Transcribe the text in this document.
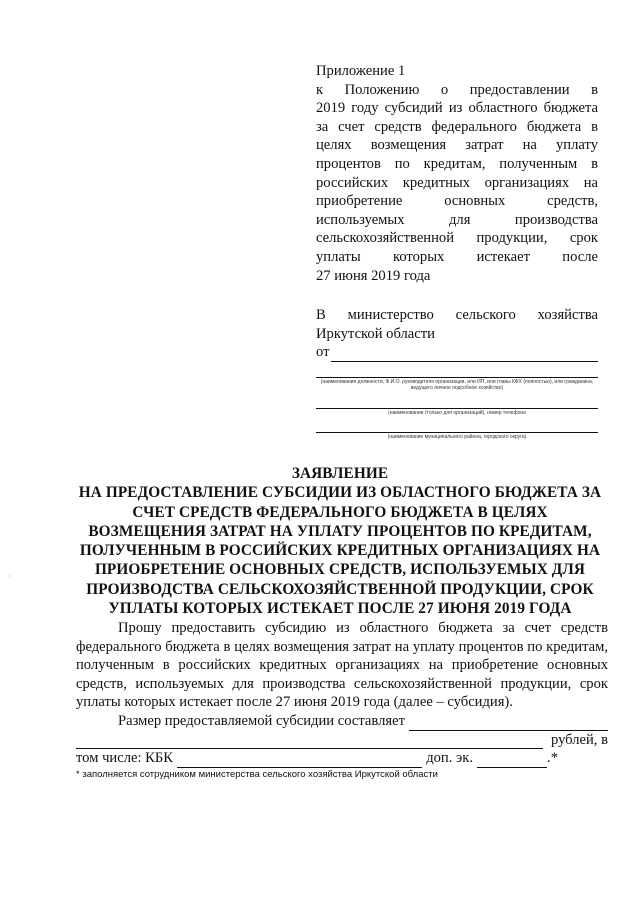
Приложение 1
к Положению о предоставлении в
2019 году субсидий из областного бюджета
за счет средств федерального бюджета в
целях возмещения затрат на уплату
процентов по кредитам, полученным в
российских кредитных организациях на
приобретение основных средств,
используемых для производства
сельскохозяйственной продукции, срок
уплаты которых истекает после
27 июня 2019 года
В министерство сельского хозяйства
Иркутской области
от
(наименование должности, Ф.И.О. руководителя организации, или ИП, или главы КФХ (полностью), или гражданина, ведущего личное подсобное хозяйство)
(наименование (только для организаций), номер телефона
(наименование муниципального района, городского округа)
·
ЗАЯВЛЕНИЕ
НА ПРЕДОСТАВЛЕНИЕ СУБСИДИИ ИЗ ОБЛАСТНОГО БЮДЖЕТА ЗА
СЧЕТ СРЕДСТВ ФЕДЕРАЛЬНОГО БЮДЖЕТА В ЦЕЛЯХ
ВОЗМЕЩЕНИЯ ЗАТРАТ НА УПЛАТУ ПРОЦЕНТОВ ПО КРЕДИТАМ,
ПОЛУЧЕННЫМ В РОССИЙСКИХ КРЕДИТНЫХ ОРГАНИЗАЦИЯХ НА
ПРИОБРЕТЕНИЕ ОСНОВНЫХ СРЕДСТВ, ИСПОЛЬЗУЕМЫХ ДЛЯ
ПРОИЗВОДСТВА СЕЛЬСКОХОЗЯЙСТВЕННОЙ ПРОДУКЦИИ, СРОК
УПЛАТЫ КОТОРЫХ ИСТЕКАЕТ ПОСЛЕ 27 ИЮНЯ 2019 ГОДА
Прошу предоставить субсидию из областного бюджета за счет средств федерального бюджета в целях возмещения затрат на уплату процентов по кредитам, полученным в российских кредитных организациях на приобретение основных средств, используемых для производства сельскохозяйственной продукции, срок уплаты которых истекает после 27 июня 2019 года (далее – субсидия).
Размер предоставляемой субсидии составляет
рублей, в
том числе: КБК	доп. эк.	.*
* заполняется сотрудником министерства сельского хозяйства Иркутской области
